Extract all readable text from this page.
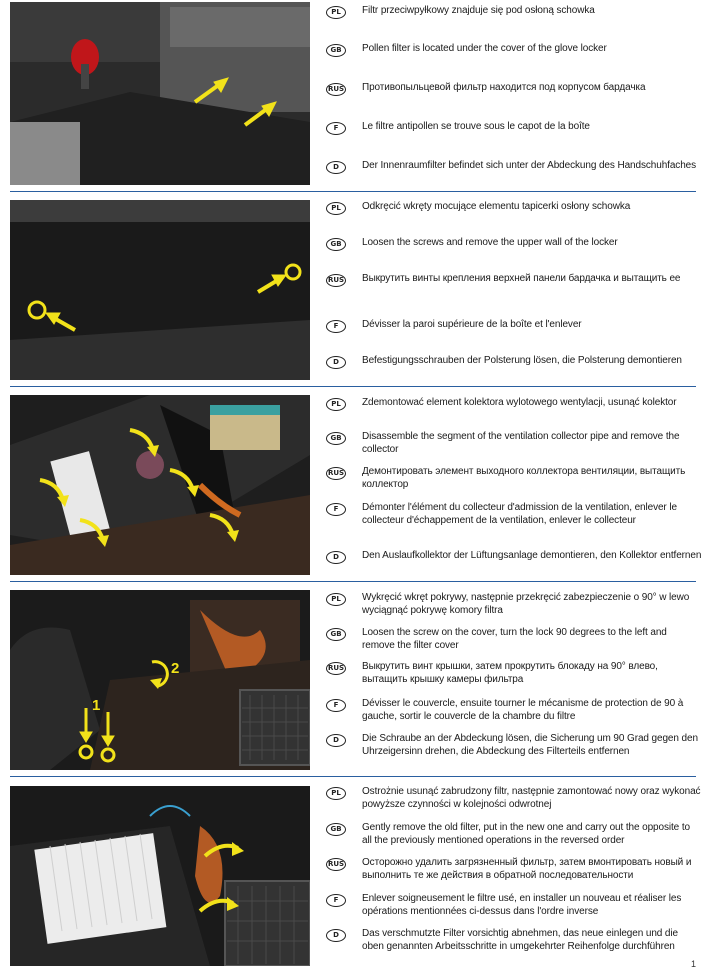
PL	Filtr przeciwpyłkowy znajduje się pod osłoną schowka
GB	Pollen filter is located under the cover of the glove locker
RUS Противопыльцевой фильтр находится под корпусом бардачка
F	Le filtre antipollen se trouve sous le capot de la boîte
D	Der Innenraumfilter befindet sich unter der Abdeckung des Handschuhfaches
PL	Odkręcić wkręty mocujące elementu tapicerki osłony schowka
GB	Loosen the screws and remove the upper wall of the locker
RUS Выкрутить винты крепления верхней панели бардачка и вытащить ее
F	Dévisser la paroi supérieure de la boîte et l'enlever
D	Befestigungsschrauben der Polsterung lösen, die Polsterung demontieren
PL	Zdemontować element kolektora wylotowego wentylacji, usunąć kolektor
GB	Disassemble the segment of the ventilation collector pipe and remove the collector
RUS Демонтировать элемент выходного коллектора вентиляции, вытащить коллектор
F	Démonter l'élément du collecteur d'admission de la ventilation, enlever le collecteur d'échappement de la ventilation, enlever le collecteur
D	Den Auslaufkollektor der Lüftungsanlage demontieren, den Kollektor entfernen
1
2
PL	Wykręcić wkręt pokrywy, następnie przekręcić zabezpieczenie o 90° w lewo wyciągnąć pokrywę komory filtra
GB	Loosen the screw on the cover, turn the lock 90 degrees to the left and remove the filter cover
RUS Выкрутить винт крышки, затем прокрутить блокаду на 90° влево, вытащить крышку камеры фильтра
F	Dévisser le couvercle, ensuite tourner le mécanisme de protection de 90 à gauche, sortir le couvercle de la chambre du filtre
D	Die Schraube an der Abdeckung lösen, die Sicherung um 90 Grad gegen den Uhrzeigersinn drehen, die Abdeckung des Filterteils entfernen
PL	Ostrożnie usunąć zabrudzony filtr, następnie zamontować nowy oraz wykonać powyższe czynności w kolejności odwrotnej
GB	Gently remove the old filter, put in the new one and carry out the opposite to all the previously mentioned operations in the reversed order
RUS Осторожно удалить загрязненный фильтр, затем вмонтировать новый и выполнить те же действия в обратной последовательности
F	Enlever soigneusement le filtre usé, en installer un nouveau et réaliser les opérations mentionnées ci-dessus dans l'ordre inverse
D	Das verschmutzte Filter vorsichtig abnehmen, das neue einlegen und die oben genannten Arbeitsschritte in umgekehrter Reihenfolge durchführen
1
